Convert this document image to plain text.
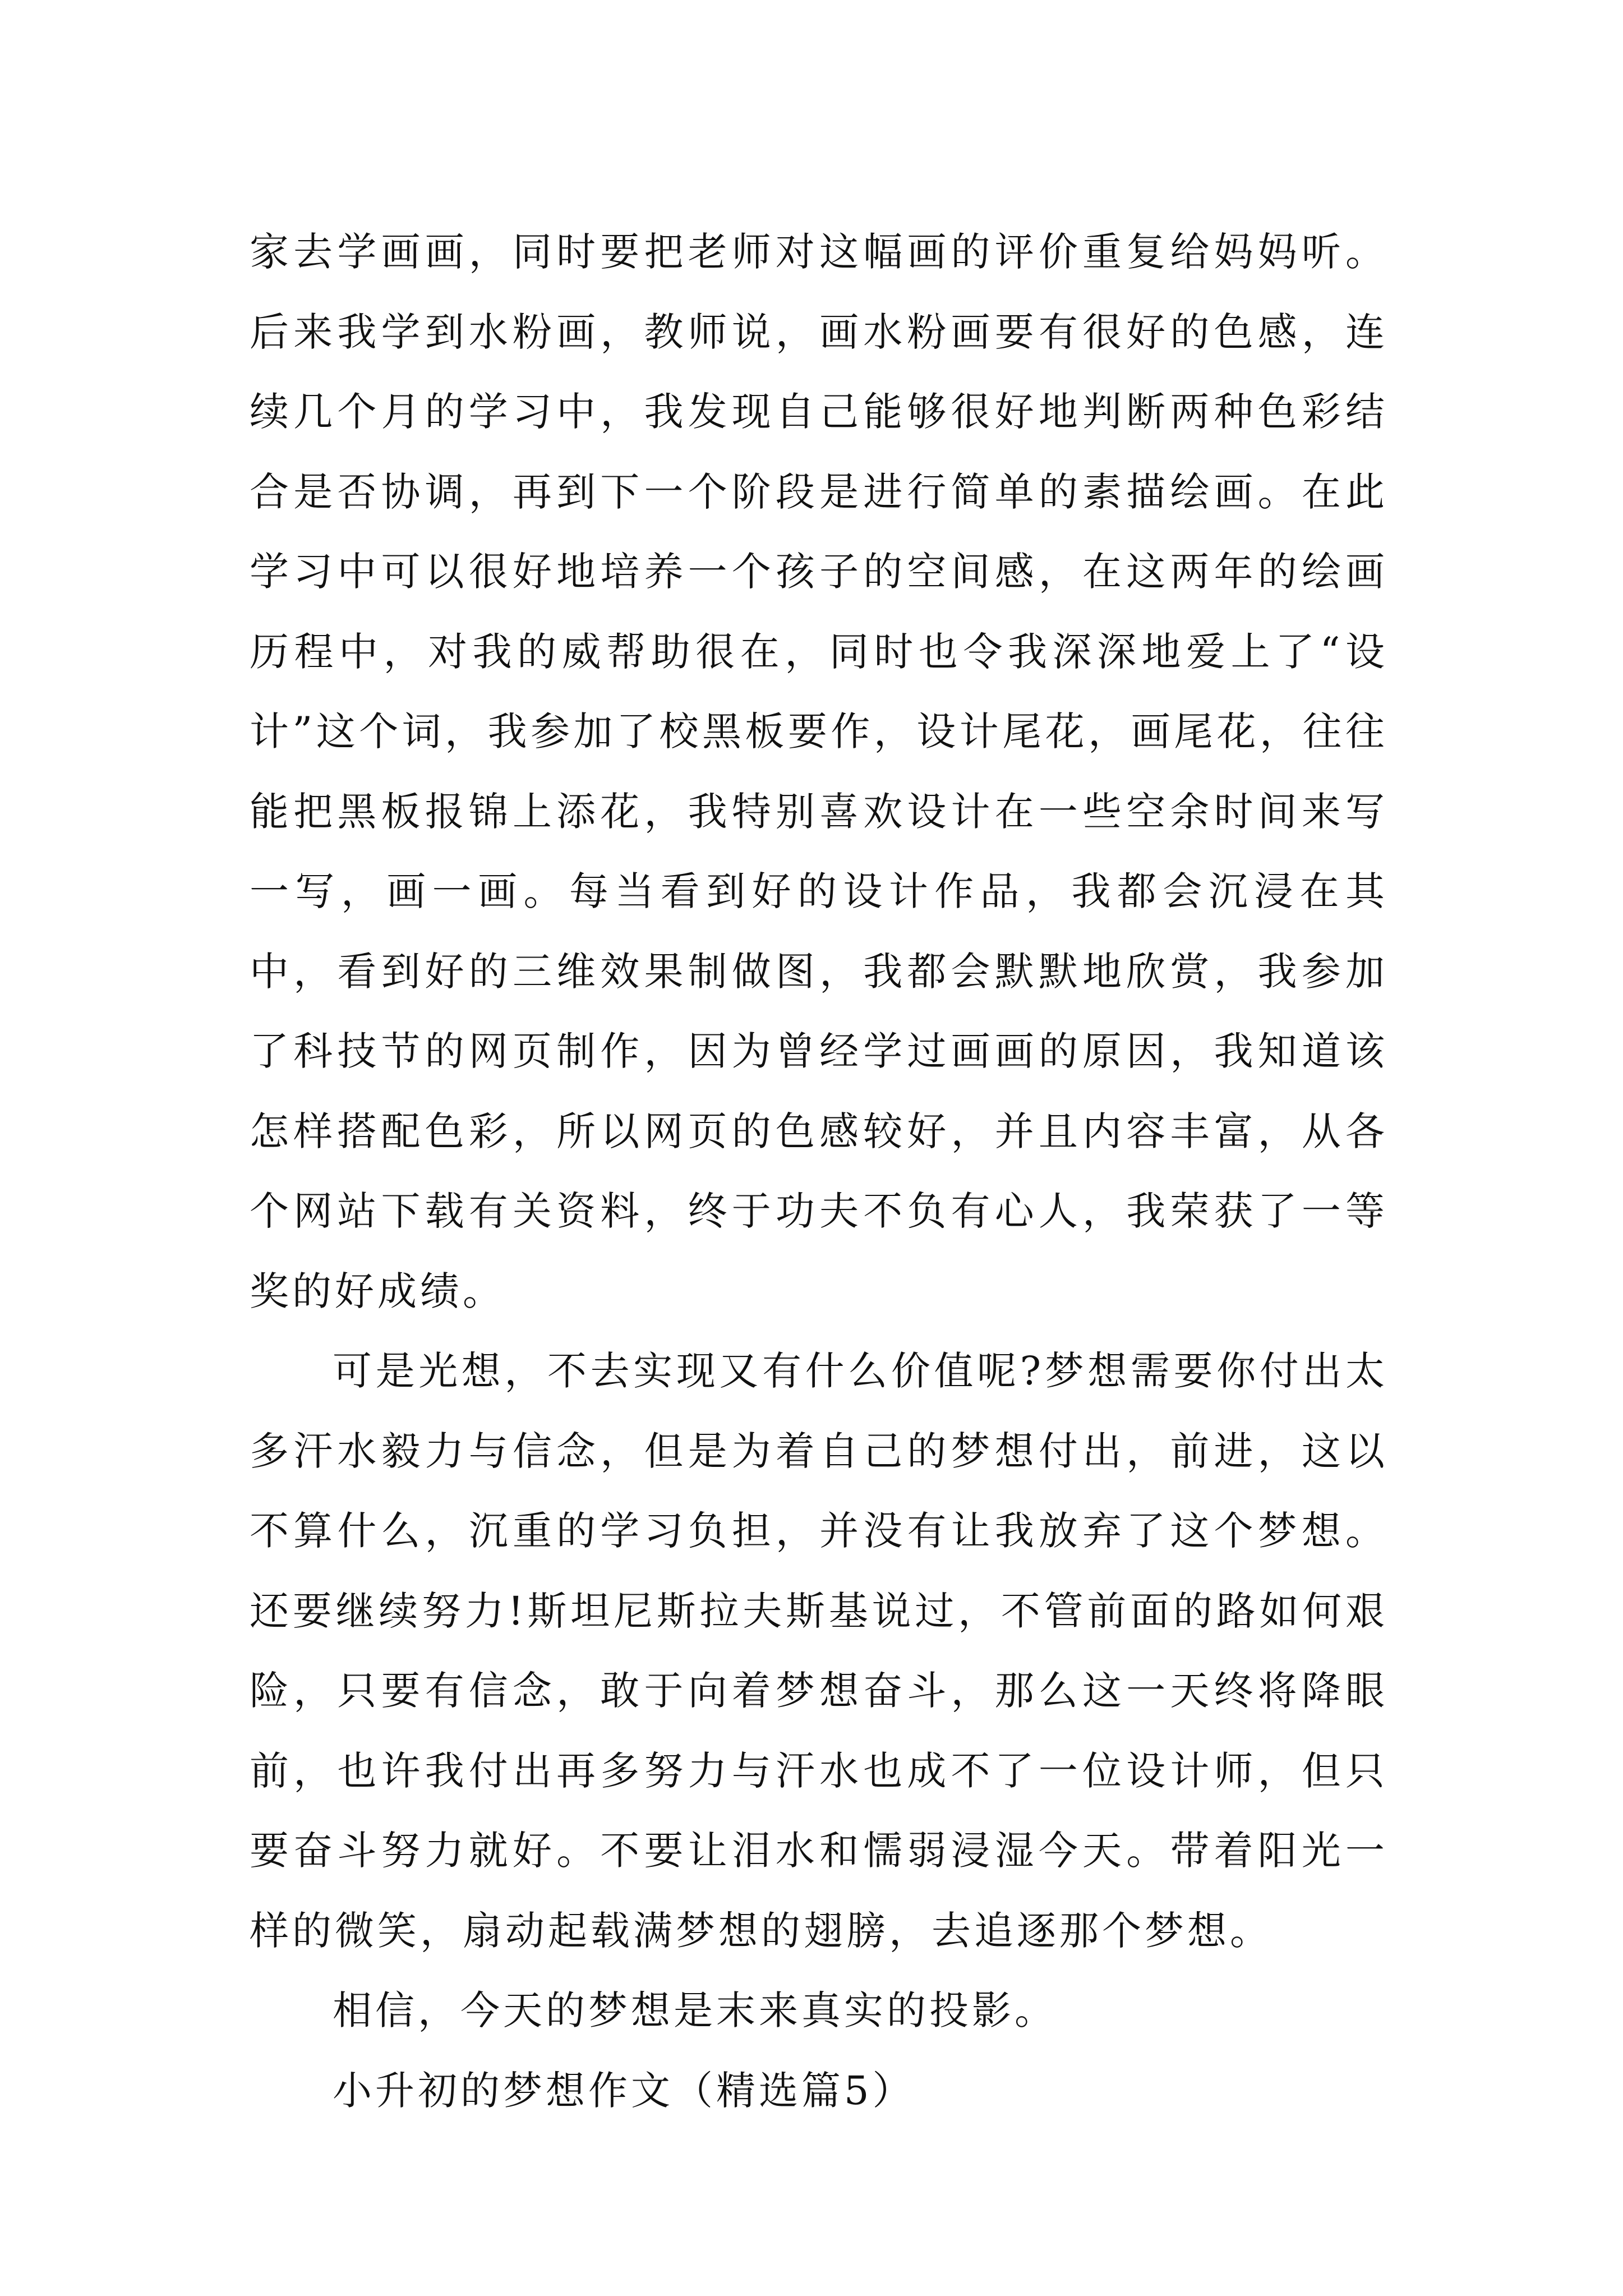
家去学画画，同时要把老师对这幅画的评价重复给妈妈听。后来我学到水粉画，教师说，画水粉画要有很好的色感，连续几个月的学习中，我发现自己能够很好地判断两种色彩结合是否协调，再到下一个阶段是进行简单的素描绘画。在此学习中可以很好地培养一个孩子的空间感，在这两年的绘画历程中，对我的威帮助很在，同时也令我深深地爱上了“设计”这个词，我参加了校黑板要作，设计尾花，画尾花，往往能把黑板报锦上添花，我特别喜欢设计在一些空余时间来写一写，画一画。每当看到好的设计作品，我都会沉浸在其中，看到好的三维效果制做图，我都会默默地欣赏，我参加了科技节的网页制作，因为曾经学过画画的原因，我知道该怎样搭配色彩，所以网页的色感较好，并且内容丰富，从各个网站下载有关资料，终于功夫不负有心人，我荣获了一等奖的好成绩。

可是光想，不去实现又有什么价值呢?梦想需要你付出太多汗水毅力与信念，但是为着自己的梦想付出，前进，这以不算什么，沉重的学习负担，并没有让我放弃了这个梦想。还要继续努力!斯坦尼斯拉夫斯基说过，不管前面的路如何艰险，只要有信念，敢于向着梦想奋斗，那么这一天终将降眼前，也许我付出再多努力与汗水也成不了一位设计师，但只要奋斗努力就好。不要让泪水和懦弱浸湿今天。带着阳光一样的微笑，扇动起载满梦想的翅膀，去追逐那个梦想。

相信，今天的梦想是末来真实的投影。

小升初的梦想作文（精选篇5）
